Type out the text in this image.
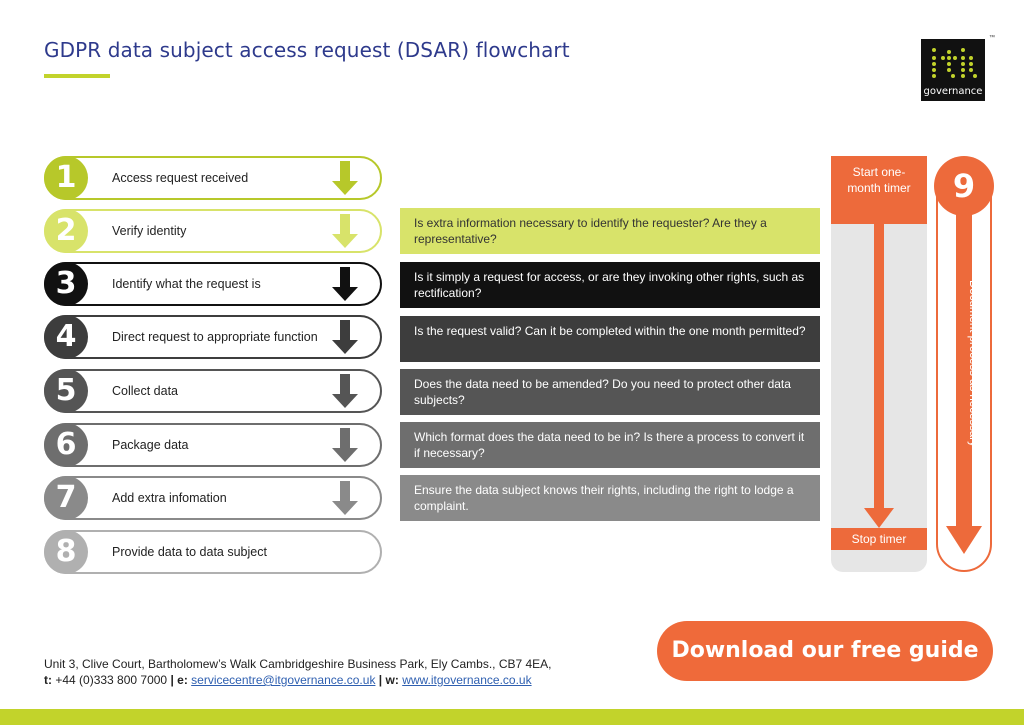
GDPR data subject access request (DSAR) flowchart
governance
™
1	Access request received
2	Verify identity
3	Identify what the request is
4	Direct request to appropriate function
5	Collect data
6	Package data
7	Add extra infomation
8	Provide data to data subject
Is extra information necessary to identify the requester? Are they a representative?
Is it simply a request for access, or are they invoking other rights, such as rectification?
Is the request valid? Can it be completed within the one month permitted?
Does the data need to be amended? Do you need to protect other data subjects?
Which format does the data need to be in? Is there a process to convert it if necessary?
Ensure the data subject knows their rights, including the right to lodge a complaint.
Start one-month timer
Stop timer
9
Document process as necessary
Download our free guide
Unit 3, Clive Court, Bartholomew’s Walk Cambridgeshire Business Park, Ely Cambs., CB7 4EA,
t: +44 (0)333 800 7000 | e: servicecentre@itgovernance.co.uk | w: www.itgovernance.co.uk
